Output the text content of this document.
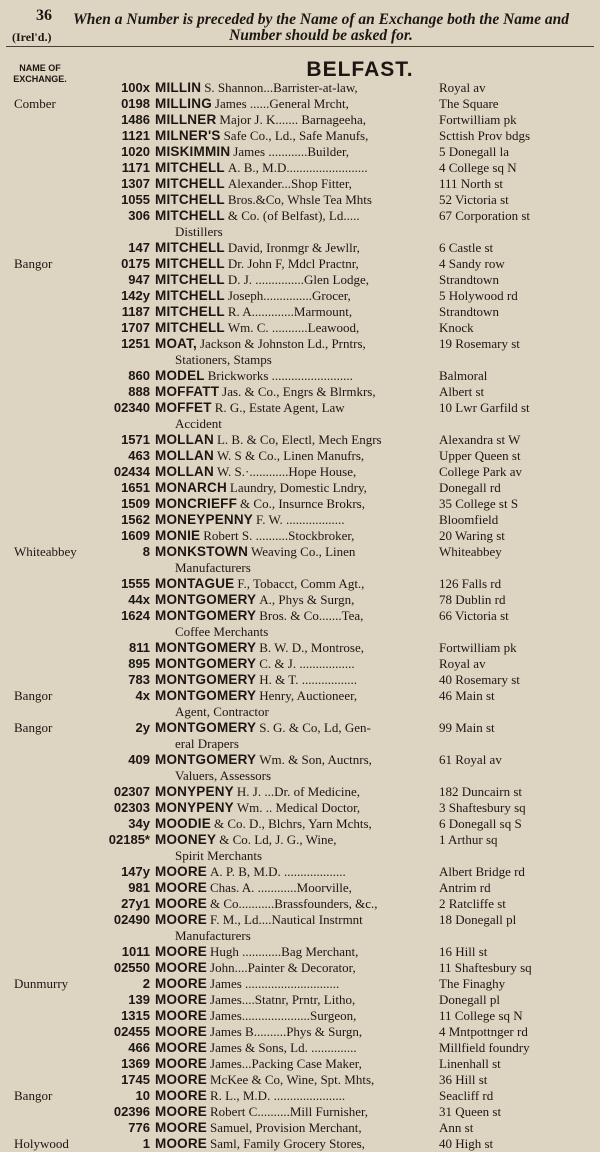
36
(Irel'd.)
When a Number is preceded by the Name of an Exchange both the Name and Number should be asked for.
NAME OF EXCHANGE.	BELFAST.
100x MILLIN S. Shannon...Barrister-at-law,	Royal av
Comber	0198 MILLING James ......General Mrcht,	The Square
1486 MILLNER Major J. K....... Barnageeha,	Fortwilliam pk
1121 MILNER'S Safe Co., Ld., Safe Manufs,	Scttish Prov bdgs
1020 MISKIMMIN James ............Builder,	5 Donegall la
1171 MITCHELL A. B., M.D.........................	4 College sq N
1307 MITCHELL Alexander...Shop Fitter,	111 North st
1055 MITCHELL Bros.&Co, Whsle Tea Mhts	52 Victoria st
306 MITCHELL & Co. (of Belfast), Ld.....	67 Corporation st
Distillers
147 MITCHELL David, Ironmgr & Jewllr,	6 Castle st
Bangor	0175 MITCHELL Dr. John F, Mdcl Practnr,	4 Sandy row
947 MITCHELL D. J. ...............Glen Lodge,	Strandtown
142y MITCHELL Joseph...............Grocer,	5 Holywood rd
1187 MITCHELL R. A.............Marmount,	Strandtown
1707 MITCHELL Wm. C. ...........Leawood,	Knock
1251 MOAT, Jackson & Johnston Ld., Prntrs,	19 Rosemary st
Stationers, Stamps
860 MODEL Brickworks .........................	Balmoral
888 MOFFATT Jas. & Co., Engrs & Blrmkrs,	Albert st
02340 MOFFET R. G., Estate Agent, Law	10 Lwr Garfild st
Accident
1571 MOLLAN L. B. & Co, Electl, Mech Engrs	Alexandra st W
463 MOLLAN W. S & Co., Linen Manufrs,	Upper Queen st
02434 MOLLAN W. S.·............Hope House,	College Park av
1651 MONARCH Laundry, Domestic Lndry,	Donegall rd
1509 MONCRIEFF & Co., Insurnce Brokrs,	35 College st S
1562 MONEYPENNY F. W. ..................	Bloomfield
1609 MONIE Robert S. ..........Stockbroker,	20 Waring st
Whiteabbey	8 MONKSTOWN Weaving Co., Linen	Whiteabbey
Manufacturers
1555 MONTAGUE F., Tobacct, Comm Agt.,	126 Falls rd
44x MONTGOMERY A., Phys & Surgn,	78 Dublin rd
1624 MONTGOMERY Bros. & Co.......Tea,	66 Victoria st
Coffee Merchants
811 MONTGOMERY B. W. D., Montrose,	Fortwilliam pk
895 MONTGOMERY C. & J. .................	Royal av
783 MONTGOMERY H. & T. .................	40 Rosemary st
Bangor	4x MONTGOMERY Henry, Auctioneer,	46 Main st
Agent, Contractor
Bangor	2y MONTGOMERY S. G. & Co, Ld, Gen-	99 Main st
eral Drapers
409 MONTGOMERY Wm. & Son, Auctnrs,	61 Royal av
Valuers, Assessors
02307 MONYPENY H. J. ...Dr. of Medicine,	182 Duncairn st
02303 MONYPENY Wm. .. Medical Doctor,	3 Shaftesbury sq
34y MOODIE & Co. D., Blchrs, Yarn Mchts,	6 Donegall sq S
02185* MOONEY & Co. Ld, J. G., Wine,	1 Arthur sq
Spirit Merchants
147y MOORE A. P. B, M.D. ...................	Albert Bridge rd
981 MOORE Chas. A. ............Moorville,	Antrim rd
27y1 MOORE & Co...........Brassfounders, &c.,	2 Ratcliffe st
02490 MOORE F. M., Ld....Nautical Instrmnt	18 Donegall pl
Manufacturers
1011 MOORE Hugh ............Bag Merchant,	16 Hill st
02550 MOORE John....Painter & Decorator,	11 Shaftesbury sq
Dunmurry	2 MOORE James .............................	The Finaghy
139 MOORE James....Statnr, Prntr, Litho,	Donegall pl
1315 MOORE James.....................Surgeon,	11 College sq N
02455 MOORE James B..........Phys & Surgn,	4 Mntpottnger rd
466 MOORE James & Sons, Ld. ..............	Millfield foundry
1369 MOORE James...Packing Case Maker,	Linenhall st
1745 MOORE McKee & Co, Wine, Spt. Mhts,	36 Hill st
Bangor	10 MOORE R. L., M.D. ......................	Seacliff rd
02396 MOORE Robert C..........Mill Furnisher,	31 Queen st
776 MOORE Samuel, Provision Merchant,	Ann st
Holywood	1 MOORE Saml, Family Grocery Stores,	40 High st
